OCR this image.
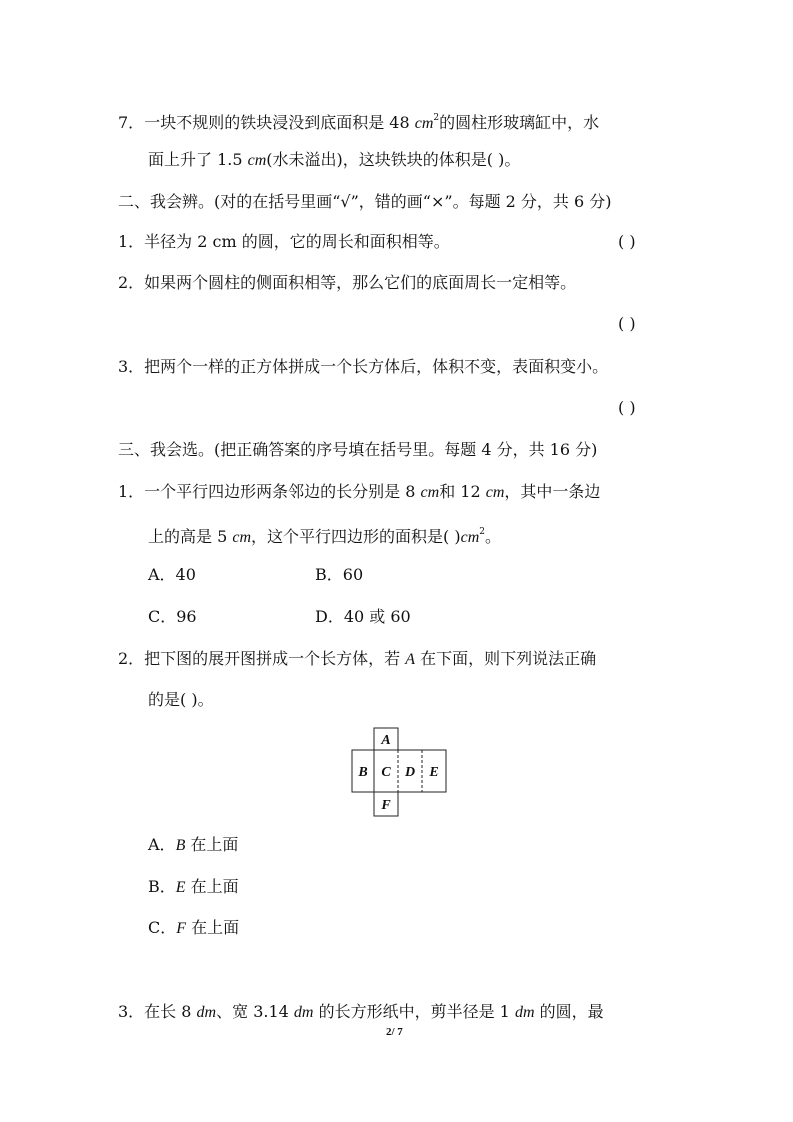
7．一块不规则的铁块浸没到底面积是 48 $cm^2$的圆柱形玻璃缸中，水
面上升了 1.5 cm(水未溢出)，这块铁块的体积是( )。
二、我会辨。(对的在括号里画“√”，错的画“×”。每题 2 分，共 6 分)
1．半径为 2 cm 的圆，它的周长和面积相等。	( )
2．如果两个圆柱的侧面积相等，那么它们的底面周长一定相等。
( )
3．把两个一样的正方体拼成一个长方体后，体积不变，表面积变小。
( )
三、我会选。(把正确答案的序号填在括号里。每题 4 分，共 16 分)
1．一个平行四边形两条邻边的长分别是 8 cm和 12 cm，其中一条边
上的高是 5 cm，这个平行四边形的面积是( )$cm^2$。
A．40	B．60
C．96	D．40 或 60
2．把下图的展开图拼成一个长方体，若 A 在下面，则下列说法正确
的是( )。
A
B C D E
F
A．B 在上面
B．E 在上面
C．F 在上面
3．在长 8 dm、宽 3.14 dm 的长方形纸中，剪半径是 1 dm 的圆，最
2/ 7
